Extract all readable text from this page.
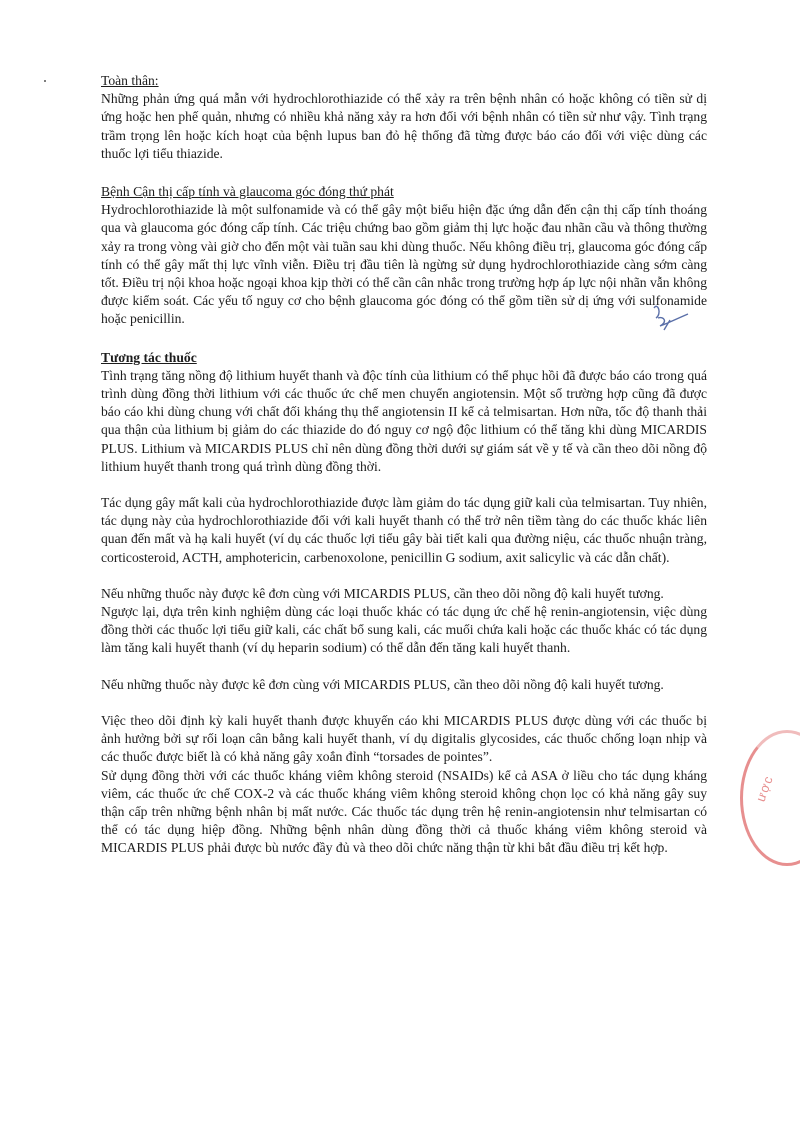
Toàn thân:

Những phản ứng quá mẫn với hydrochlorothiazide có thể xảy ra trên bệnh nhân có hoặc không có tiền sử dị ứng hoặc hen phế quản, nhưng có nhiều khả năng xảy ra hơn đối với bệnh nhân có tiền sử như vậy. Tình trạng trầm trọng lên hoặc kích hoạt của bệnh lupus ban đỏ hệ thống đã từng được báo cáo đối với việc dùng các thuốc lợi tiểu thiazide.

Bệnh Cận thị cấp tính và glaucoma góc đóng thứ phát

Hydrochlorothiazide là một sulfonamide và có thể gây một biểu hiện đặc ứng dẫn đến cận thị cấp tính thoáng qua và glaucoma góc đóng cấp tính. Các triệu chứng bao gồm giảm thị lực hoặc đau nhãn cầu và thông thường xảy ra trong vòng vài giờ cho đến một vài tuần sau khi dùng thuốc. Nếu không điều trị, glaucoma góc đóng cấp tính có thể gây mất thị lực vĩnh viễn. Điều trị đầu tiên là ngừng sử dụng hydrochlorothiazide càng sớm càng tốt. Điều trị nội khoa hoặc ngoại khoa kịp thời có thể cần cân nhắc trong trường hợp áp lực nội nhãn vẫn không được kiểm soát. Các yếu tố nguy cơ cho bệnh glaucoma góc đóng có thể gồm tiền sử dị ứng với sulfonamide hoặc penicillin.

Tương tác thuốc

Tình trạng tăng nồng độ lithium huyết thanh và độc tính của lithium có thể phục hồi đã được báo cáo trong quá trình dùng đồng thời lithium với các thuốc ức chế men chuyển angiotensin. Một số trường hợp cũng đã được báo cáo khi dùng chung với chất đối kháng thụ thể angiotensin II kể cả telmisartan. Hơn nữa, tốc độ thanh thải qua thận của lithium bị giảm do các thiazide do đó nguy cơ ngộ độc lithium có thể tăng khi dùng MICARDIS PLUS. Lithium và MICARDIS PLUS chỉ nên dùng đồng thời dưới sự giám sát về y tế và cần theo dõi nồng độ lithium huyết thanh trong quá trình dùng đồng thời.

Tác dụng gây mất kali của hydrochlorothiazide được làm giảm do tác dụng giữ kali của telmisartan. Tuy nhiên, tác dụng này của hydrochlorothiazide đối với kali huyết thanh có thể trở nên tiềm tàng do các thuốc khác liên quan đến mất và hạ kali huyết (ví dụ các thuốc lợi tiểu gây bài tiết kali qua đường niệu, các thuốc nhuận tràng, corticosteroid, ACTH, amphotericin, carbenoxolone, penicillin G sodium, axit salicylic và các dẫn chất).

Nếu những thuốc này được kê đơn cùng với MICARDIS PLUS, cần theo dõi nồng độ kali huyết tương.

Ngược lại, dựa trên kinh nghiệm dùng các loại thuốc khác có tác dụng ức chế hệ renin-angiotensin, việc dùng đồng thời các thuốc lợi tiểu giữ kali, các chất bổ sung kali, các muối chứa kali hoặc các thuốc khác có tác dụng làm tăng kali huyết thanh (ví dụ heparin sodium) có thể dẫn đến tăng kali huyết thanh.

Nếu những thuốc này được kê đơn cùng với MICARDIS PLUS, cần theo dõi nồng độ kali huyết tương.

Việc theo dõi định kỳ kali huyết thanh được khuyến cáo khi MICARDIS PLUS được dùng với các thuốc bị ảnh hưởng bởi sự rối loạn cân bằng kali huyết thanh, ví dụ digitalis glycosides, các thuốc chống loạn nhịp và các thuốc được biết là có khả năng gây xoắn đỉnh “torsades de pointes”.

Sử dụng đồng thời với các thuốc kháng viêm không steroid (NSAIDs) kể cả ASA ở liều cho tác dụng kháng viêm, các thuốc ức chế COX-2 và các thuốc kháng viêm không steroid không chọn lọc có khả năng gây suy thận cấp trên những bệnh nhân bị mất nước. Các thuốc tác dụng trên hệ renin-angiotensin như telmisartan có thể có tác dụng hiệp đồng. Những bệnh nhân dùng đồng thời cả thuốc kháng viêm không steroid và MICARDIS PLUS phải được bù nước đầy đủ và theo dõi chức năng thận từ khi bắt đầu điều trị kết hợp.

ược
